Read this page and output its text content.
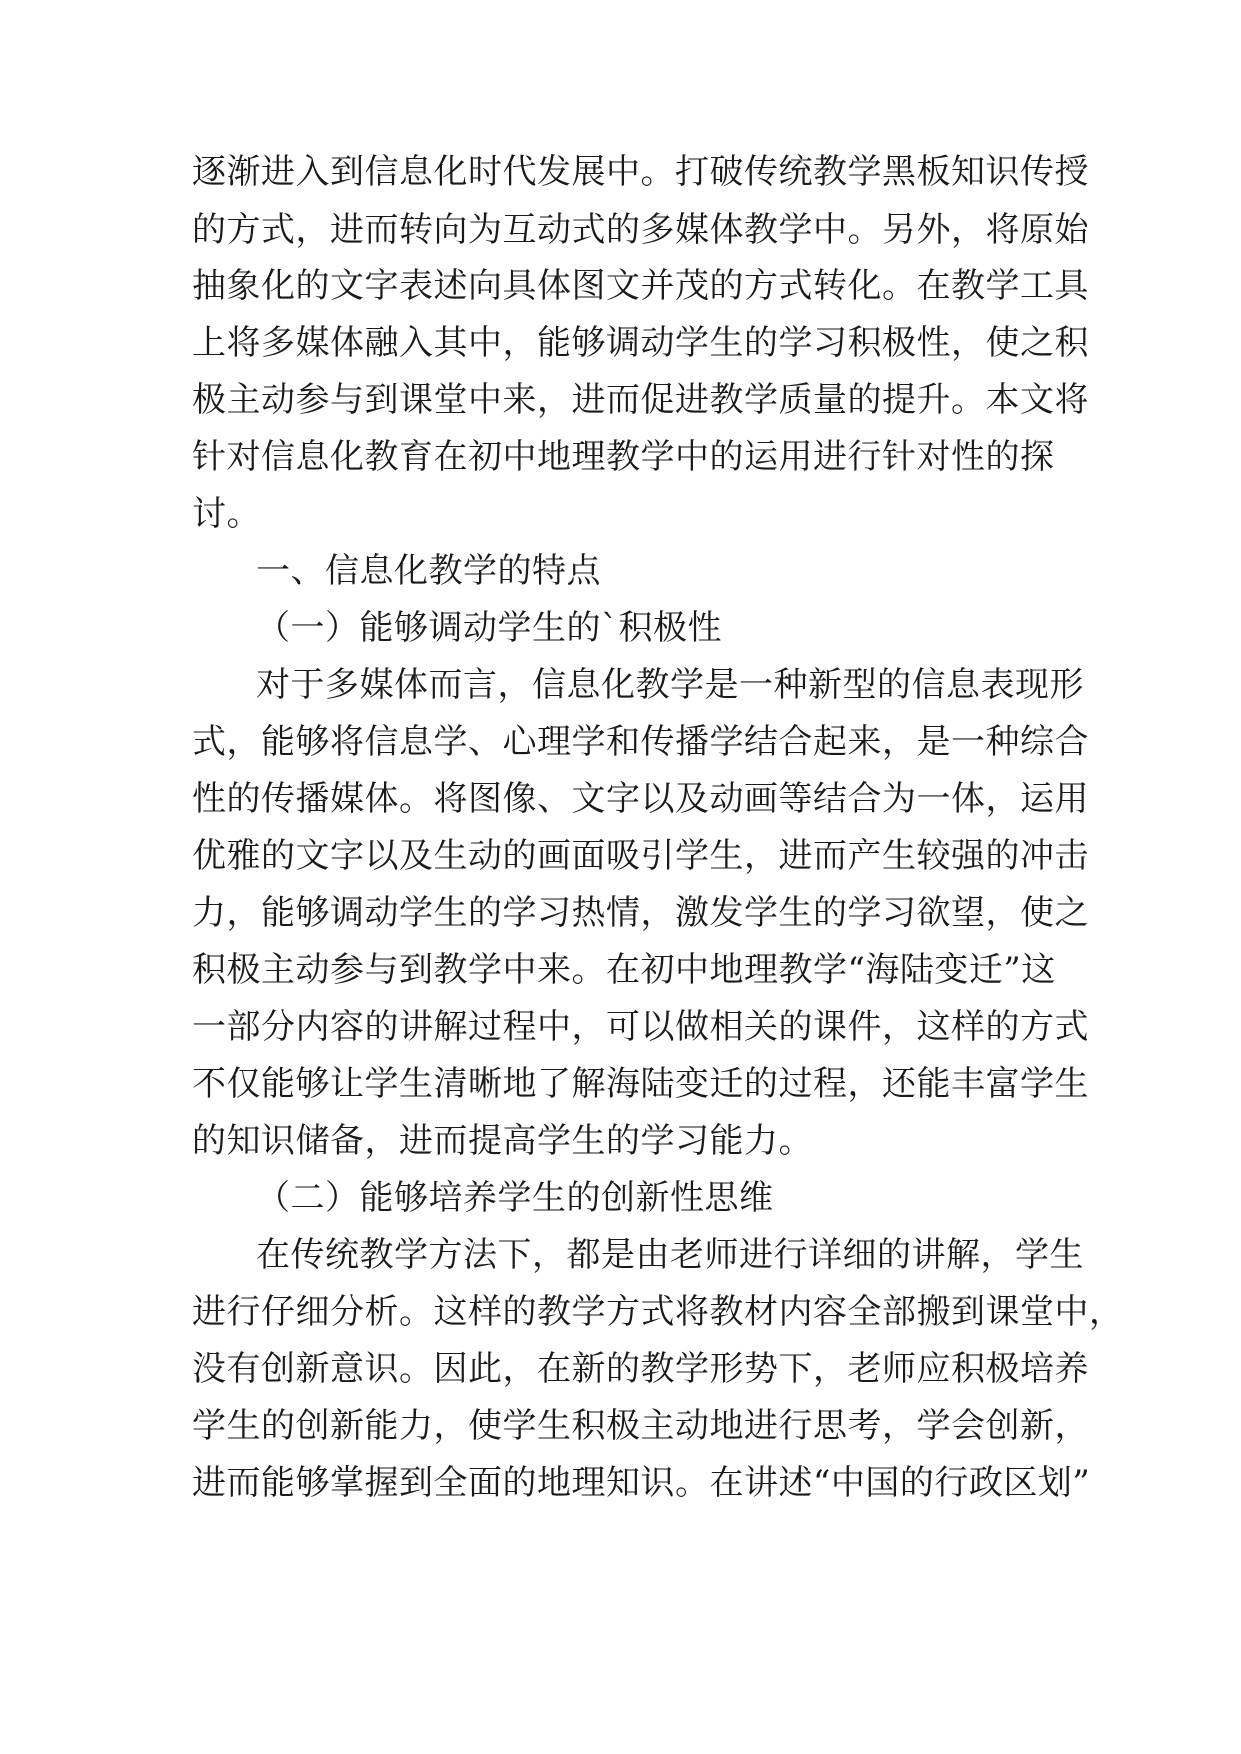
逐渐进入到信息化时代发展中。打破传统教学黑板知识传授
的方式，进而转向为互动式的多媒体教学中。另外，将原始
抽象化的文字表述向具体图文并茂的方式转化。在教学工具
上将多媒体融入其中，能够调动学生的学习积极性，使之积
极主动参与到课堂中来，进而促进教学质量的提升。本文将
针对信息化教育在初中地理教学中的运用进行针对性的探
讨。
一、信息化教学的特点
（一）能够调动学生的`积极性
对于多媒体而言，信息化教学是一种新型的信息表现形
式，能够将信息学、心理学和传播学结合起来，是一种综合
性的传播媒体。将图像、文字以及动画等结合为一体，运用
优雅的文字以及生动的画面吸引学生，进而产生较强的冲击
力，能够调动学生的学习热情，激发学生的学习欲望，使之
积极主动参与到教学中来。在初中地理教学“海陆变迁”这
一部分内容的讲解过程中，可以做相关的课件，这样的方式
不仅能够让学生清晰地了解海陆变迁的过程，还能丰富学生
的知识储备，进而提高学生的学习能力。
（二）能够培养学生的创新性思维
在传统教学方法下，都是由老师进行详细的讲解，学生
进行仔细分析。这样的教学方式将教材内容全部搬到课堂中，
没有创新意识。因此，在新的教学形势下，老师应积极培养
学生的创新能力，使学生积极主动地进行思考，学会创新，
进而能够掌握到全面的地理知识。在讲述“中国的行政区划”
